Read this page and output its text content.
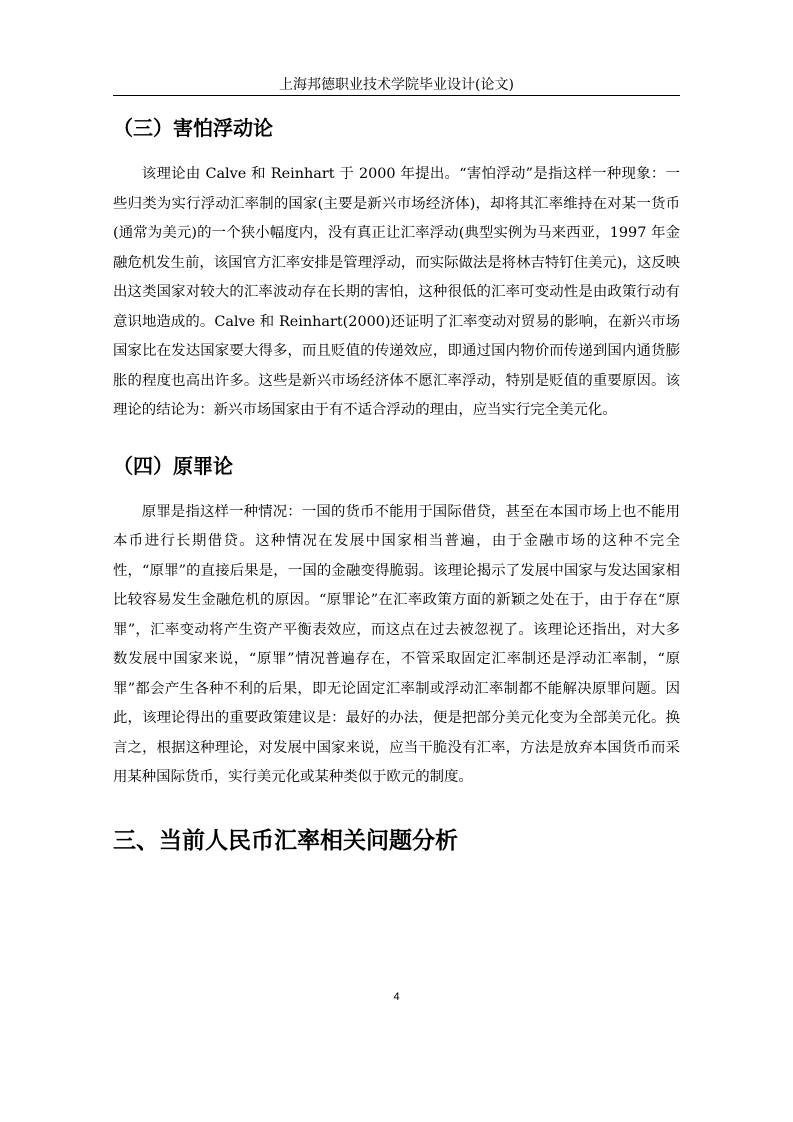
上海邦德职业技术学院毕业设计(论文)
（三）害怕浮动论

该理论由 Calve 和 Reinhart 于 2000 年提出。“害怕浮动”是指这样一种现象：一些归类为实行浮动汇率制的国家(主要是新兴市场经济体)，却将其汇率维持在对某一货币(通常为美元)的一个狭小幅度内，没有真正让汇率浮动(典型实例为马来西亚，1997 年金融危机发生前，该国官方汇率安排是管理浮动，而实际做法是将林吉特钉住美元)，这反映出这类国家对较大的汇率波动存在长期的害怕，这种很低的汇率可变动性是由政策行动有意识地造成的。Calve 和 Reinhart(2000)还证明了汇率变动对贸易的影响，在新兴市场国家比在发达国家要大得多，而且贬值的传递效应，即通过国内物价而传递到国内通货膨胀的程度也高出许多。这些是新兴市场经济体不愿汇率浮动，特别是贬值的重要原因。该理论的结论为：新兴市场国家由于有不适合浮动的理由，应当实行完全美元化。

（四）原罪论

原罪是指这样一种情况：一国的货币不能用于国际借贷，甚至在本国市场上也不能用本币进行长期借贷。这种情况在发展中国家相当普遍，由于金融市场的这种不完全性，“原罪”的直接后果是，一国的金融变得脆弱。该理论揭示了发展中国家与发达国家相比较容易发生金融危机的原因。“原罪论”在汇率政策方面的新颖之处在于，由于存在“原罪”，汇率变动将产生资产平衡表效应，而这点在过去被忽视了。该理论还指出，对大多数发展中国家来说，“原罪”情况普遍存在，不管采取固定汇率制还是浮动汇率制，“原罪”都会产生各种不利的后果，即无论固定汇率制或浮动汇率制都不能解决原罪问题。因此，该理论得出的重要政策建议是：最好的办法，便是把部分美元化变为全部美元化。换言之，根据这种理论，对发展中国家来说，应当干脆没有汇率，方法是放弃本国货币而采用某种国际货币，实行美元化或某种类似于欧元的制度。

三、当前人民币汇率相关问题分析
4
